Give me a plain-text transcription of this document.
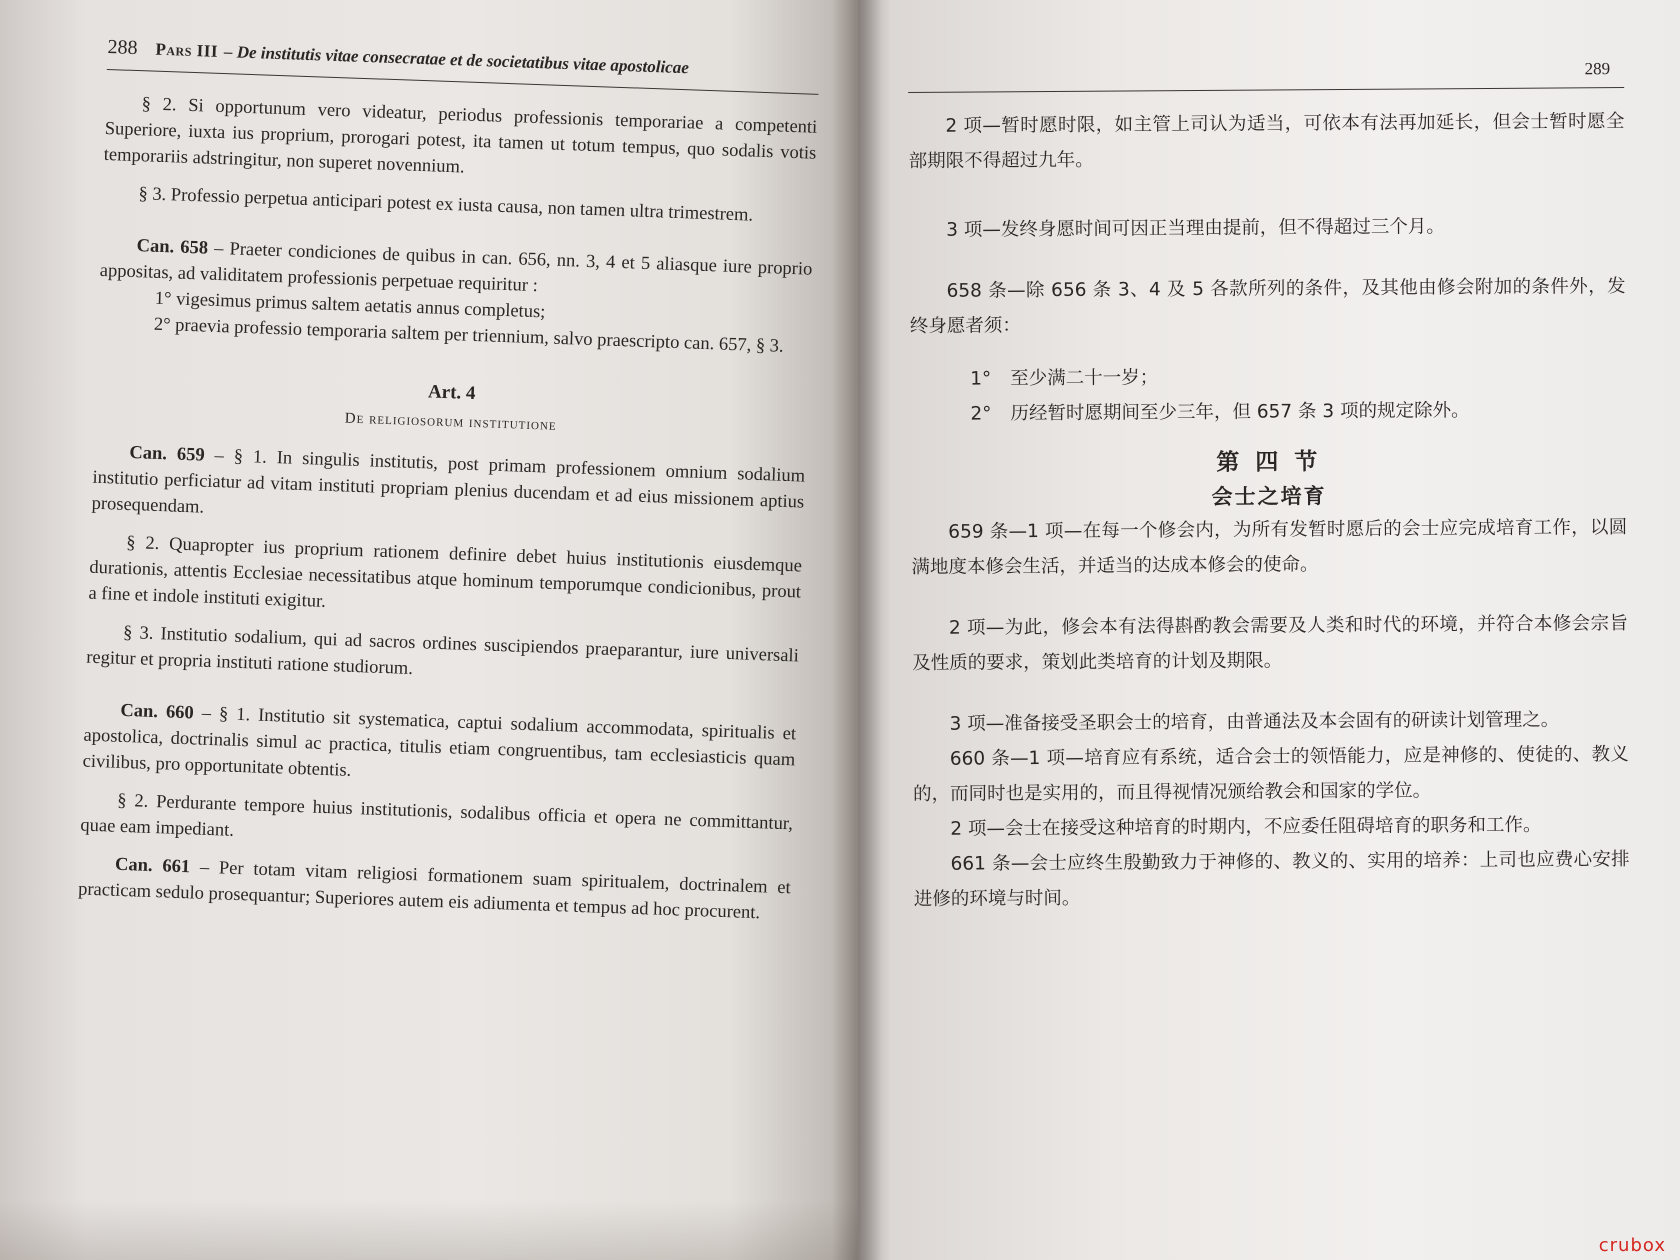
288 Pars III – De institutis vitae consecratae et de societatibus vitae apostolicae

§ 2. Si opportunum vero videatur, periodus professionis temporariae a competenti Superiore, iuxta ius proprium, prorogari potest, ita tamen ut totum tempus, quo sodalis votis temporariis adstringitur, non superet novennium.

§ 3. Professio perpetua anticipari potest ex iusta causa, non tamen ultra trimestrem.

Can. 658 – Praeter condiciones de quibus in can. 656, nn. 3, 4 et 5 aliasque iure proprio appositas, ad validitatem professionis perpetuae requiritur :

1° vigesimus primus saltem aetatis annus completus;

2° praevia professio temporaria saltem per triennium, salvo praescripto can. 657, § 3.

Art. 4

De religiosorum institutione

Can. 659 – § 1. In singulis institutis, post primam professionem omnium sodalium institutio perficiatur ad vitam instituti propriam plenius ducendam et ad eius missionem aptius prosequendam.

§ 2. Quapropter ius proprium rationem definire debet huius institutionis eiusdemque durationis, attentis Ecclesiae necessitatibus atque hominum temporumque condicionibus, prout a fine et indole instituti exigitur.

§ 3. Institutio sodalium, qui ad sacros ordines suscipiendos praeparantur, iure universali regitur et propria instituti ratione studiorum.

Can. 660 – § 1. Institutio sit systematica, captui sodalium accommodata, spiritualis et apostolica, doctrinalis simul ac practica, titulis etiam congruentibus, tam ecclesiasticis quam civilibus, pro opportunitate obtentis.

§ 2. Perdurante tempore huius institutionis, sodalibus officia et opera ne committantur, quae eam impediant.

Can. 661 – Per totam vitam religiosi formationem suam spiritualem, doctrinalem et practicam sedulo prosequantur; Superiores autem eis adiumenta et tempus ad hoc procurent.

289

2 项—暂时愿时限，如主管上司认为适当，可依本有法再加延长，但会士暂时愿全部期限不得超过九年。

3 项—发终身愿时间可因正当理由提前，但不得超过三个月。

658 条—除 656 条 3、4 及 5 各款所列的条件，及其他由修会附加的条件外，发终身愿者须：

1° 至少满二十一岁；

2° 历经暂时愿期间至少三年，但 657 条 3 项的规定除外。

第 四 节

会士之培育

659 条—1 项—在每一个修会内，为所有发暂时愿后的会士应完成培育工作，以圆满地度本修会生活，并适当的达成本修会的使命。

2 项—为此，修会本有法得斟酌教会需要及人类和时代的环境，并符合本修会宗旨及性质的要求，策划此类培育的计划及期限。

3 项—准备接受圣职会士的培育，由普通法及本会固有的研读计划管理之。

660 条—1 项—培育应有系统，适合会士的领悟能力，应是神修的、使徒的、教义的，而同时也是实用的，而且得视情况颁给教会和国家的学位。

2 项—会士在接受这种培育的时期内，不应委任阻碍培育的职务和工作。

661 条—会士应终生殷勤致力于神修的、教义的、实用的培养：上司也应费心安排进修的环境与时间。

crubox
